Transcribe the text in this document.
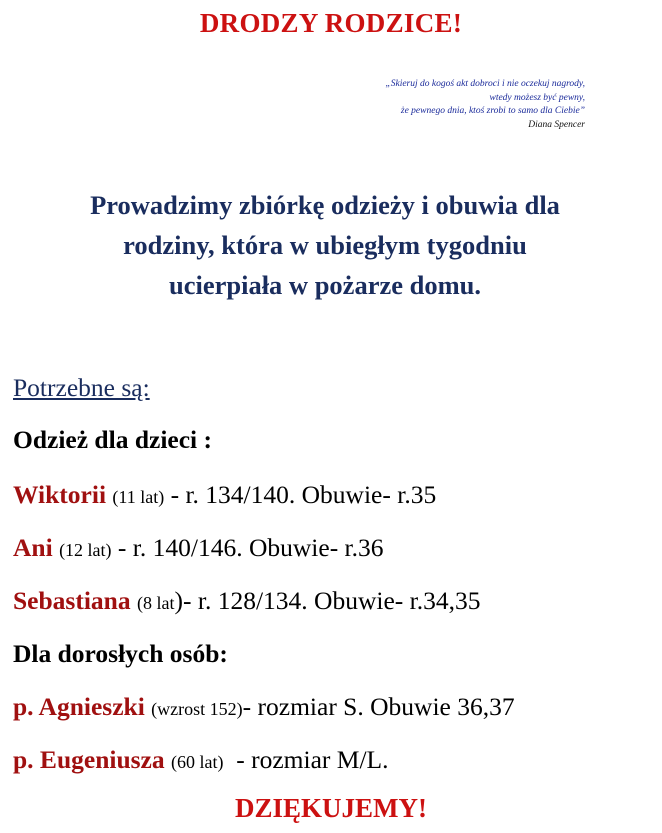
DRODZY RODZICE!
„Skieruj do kogoś akt dobroci i nie oczekuj nagrody,
wtedy możesz być pewny,
że pewnego dnia, ktoś zrobi to samo dla Ciebie”
Diana Spencer
Prowadzimy zbiórkę odzieży i obuwia dla
rodziny, która w ubiegłym tygodniu
ucierpiała w pożarze domu.
Potrzebne są:
Odzież dla dzieci :
Wiktorii (11 lat) - r. 134/140. Obuwie- r.35
Ani (12 lat) - r. 140/146. Obuwie- r.36
Sebastiana (8 lat)- r. 128/134. Obuwie- r.34,35
Dla dorosłych osób:
p. Agnieszki (wzrost 152)- rozmiar S. Obuwie 36,37
p. Eugeniusza (60 lat)  - rozmiar M/L.
DZIĘKUJEMY!
